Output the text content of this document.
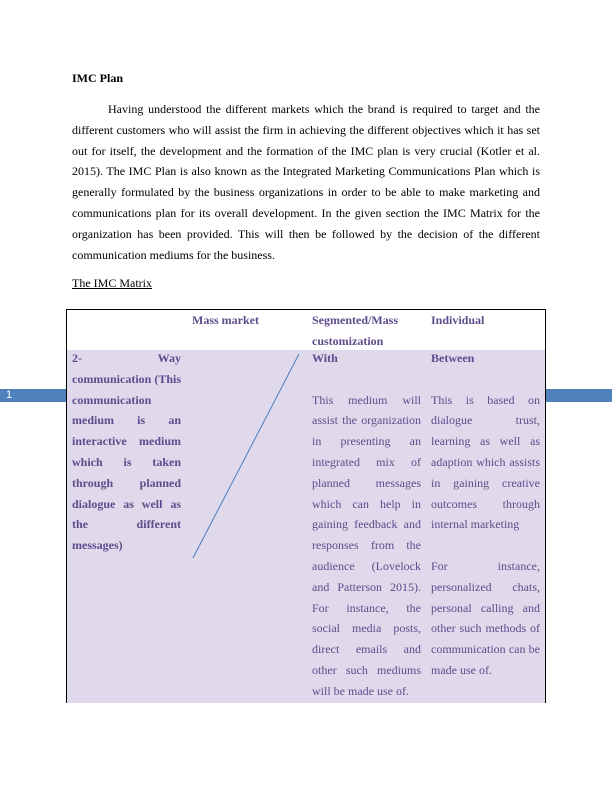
1

IMC Plan

Having understood the different markets which the brand is required to target and the different customers who will assist the firm in achieving the different objectives which it has set out for itself, the development and the formation of the IMC plan is very crucial (Kotler et al. 2015). The IMC Plan is also known as the Integrated Marketing Communications Plan which is generally formulated by the business organizations in order to be able to make marketing and communications plan for its overall development. In the given section the IMC Matrix for the organization has been provided. This will then be followed by the decision of the different communication mediums for the business.

The IMC Matrix

Mass market	Segmented/Mass customization
Individual

2- Way communication (This communication medium is an interactive medium which is taken through planned dialogue as well as the different messages)

With

This medium will assist the organization in presenting an integrated mix of planned messages which can help in gaining feedback and responses from the audience (Lovelock and Patterson 2015). For instance, the social media posts, direct emails and other such mediums will be made use of.

Between

This is based on dialogue trust, learning as well as adaption which assists in gaining creative outcomes through internal marketing

For instance, personalized chats, personal calling and other such methods of communication can be made use of.
